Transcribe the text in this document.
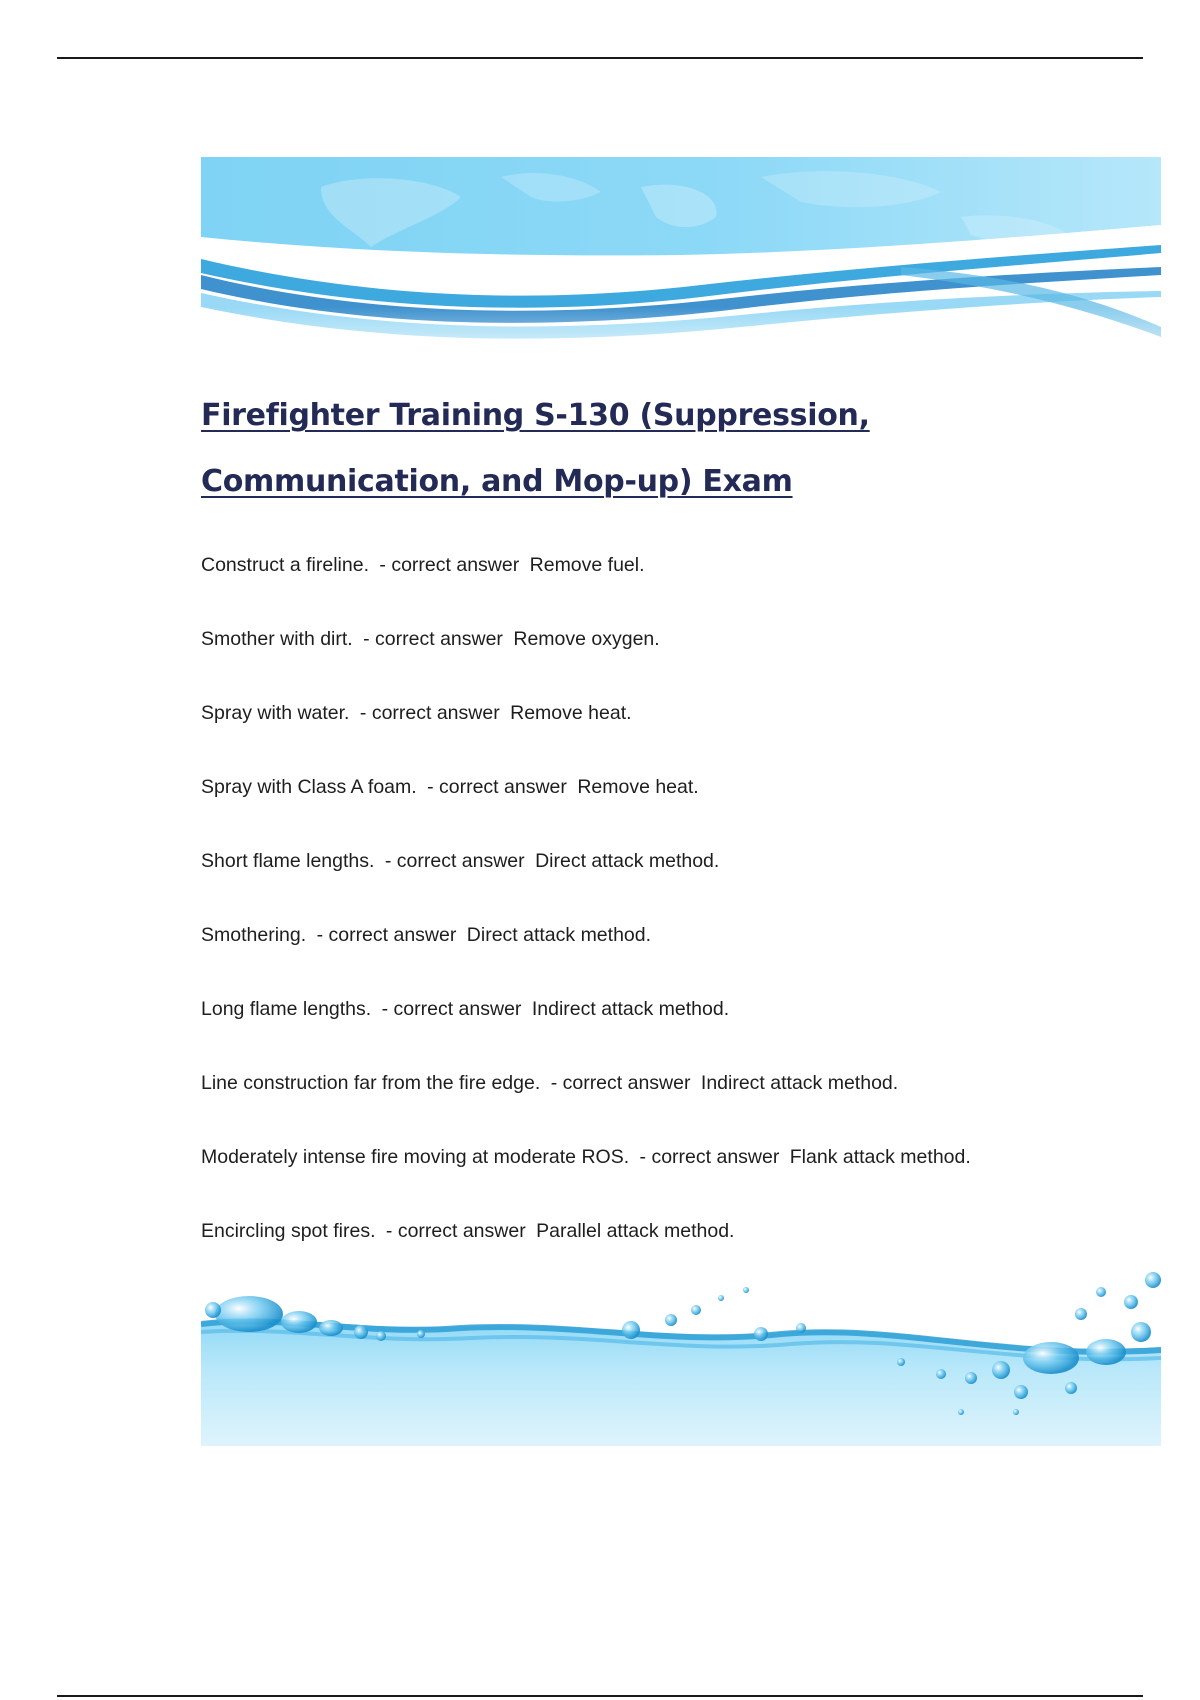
Firefighter Training S-130 (Suppression,
Communication, and Mop-up) Exam
Construct a fireline. - correct answer Remove fuel.
Smother with dirt. - correct answer Remove oxygen.
Spray with water. - correct answer Remove heat.
Spray with Class A foam. - correct answer Remove heat.
Short flame lengths. - correct answer Direct attack method.
Smothering. - correct answer Direct attack method.
Long flame lengths. - correct answer Indirect attack method.
Line construction far from the fire edge. - correct answer Indirect attack method.
Moderately intense fire moving at moderate ROS. - correct answer Flank attack method.
Encircling spot fires. - correct answer Parallel attack method.
